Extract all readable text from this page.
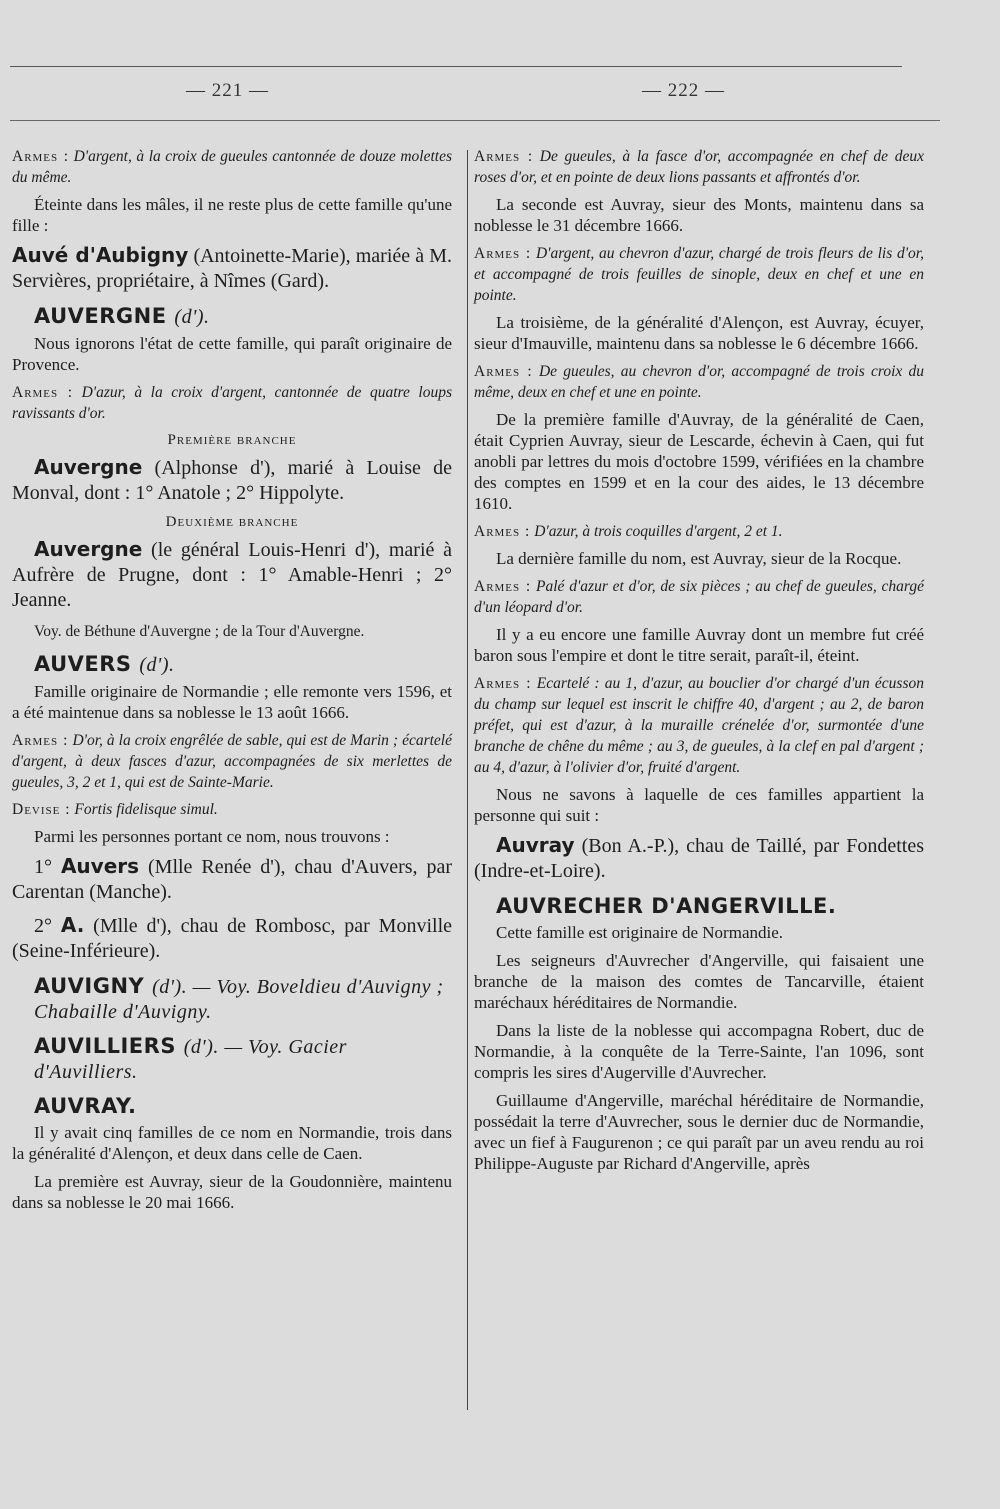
— 221 —	— 222 —

Armes : D'argent, à la croix de gueules cantonnée de douze molettes du même.

Éteinte dans les mâles, il ne reste plus de cette famille qu'une fille :

Auvé d'Aubigny (Antoinette-Marie), mariée à M. Servières, propriétaire, à Nîmes (Gard).

AUVERGNE (d').

Nous ignorons l'état de cette famille, qui paraît originaire de Provence.

Armes : D'azur, à la croix d'argent, cantonnée de quatre loups ravissants d'or.

Première branche

Auvergne (Alphonse d'), marié à Louise de Monval, dont : 1° Anatole ; 2° Hippolyte.

Deuxième branche

Auvergne (le général Louis-Henri d'), marié à Aufrère de Prugne, dont : 1° Amable-Henri ; 2° Jeanne.

Voy. de Béthune d'Auvergne ; de la Tour d'Auvergne.

AUVERS (d').

Famille originaire de Normandie ; elle remonte vers 1596, et a été maintenue dans sa noblesse le 13 août 1666.

Armes : D'or, à la croix engrêlée de sable, qui est de Marin ; écartelé d'argent, à deux fasces d'azur, accompagnées de six merlettes de gueules, 3, 2 et 1, qui est de Sainte-Marie.

Devise : Fortis fidelisque simul.

Parmi les personnes portant ce nom, nous trouvons :

1° Auvers (Mlle Renée d'), chau d'Auvers, par Carentan (Manche).

2° A. (Mlle d'), chau de Rombosc, par Monville (Seine-Inférieure).

AUVIGNY (d'). — Voy. Boveldieu d'Auvigny ; Chabaille d'Auvigny.
AUVILLIERS (d'). — Voy. Gacier d'Auvilliers.
AUVRAY.

Il y avait cinq familles de ce nom en Normandie, trois dans la généralité d'Alençon, et deux dans celle de Caen.

La première est Auvray, sieur de la Goudonnière, maintenu dans sa noblesse le 20 mai 1666.

Armes : De gueules, à la fasce d'or, accompagnée en chef de deux roses d'or, et en pointe de deux lions passants et affrontés d'or.

La seconde est Auvray, sieur des Monts, maintenu dans sa noblesse le 31 décembre 1666.

Armes : D'argent, au chevron d'azur, chargé de trois fleurs de lis d'or, et accompagné de trois feuilles de sinople, deux en chef et une en pointe.

La troisième, de la généralité d'Alençon, est Auvray, écuyer, sieur d'Imauville, maintenu dans sa noblesse le 6 décembre 1666.

Armes : De gueules, au chevron d'or, accompagné de trois croix du même, deux en chef et une en pointe.

De la première famille d'Auvray, de la généralité de Caen, était Cyprien Auvray, sieur de Lescarde, échevin à Caen, qui fut anobli par lettres du mois d'octobre 1599, vérifiées en la chambre des comptes en 1599 et en la cour des aides, le 13 décembre 1610.

Armes : D'azur, à trois coquilles d'argent, 2 et 1.

La dernière famille du nom, est Auvray, sieur de la Rocque.

Armes : Palé d'azur et d'or, de six pièces ; au chef de gueules, chargé d'un léopard d'or.

Il y a eu encore une famille Auvray dont un membre fut créé baron sous l'empire et dont le titre serait, paraît-il, éteint.

Armes : Ecartelé : au 1, d'azur, au bouclier d'or chargé d'un écusson du champ sur lequel est inscrit le chiffre 40, d'argent ; au 2, de baron préfet, qui est d'azur, à la muraille crénelée d'or, surmontée d'une branche de chêne du même ; au 3, de gueules, à la clef en pal d'argent ; au 4, d'azur, à l'olivier d'or, fruité d'argent.

Nous ne savons à laquelle de ces familles appartient la personne qui suit :

Auvray (Bon A.-P.), chau de Taillé, par Fondettes (Indre-et-Loire).

AUVRECHER D'ANGERVILLE.

Cette famille est originaire de Normandie.

Les seigneurs d'Auvrecher d'Angerville, qui faisaient une branche de la maison des comtes de Tancarville, étaient maréchaux héréditaires de Normandie.

Dans la liste de la noblesse qui accompagna Robert, duc de Normandie, à la conquête de la Terre-Sainte, l'an 1096, sont compris les sires d'Augerville d'Auvrecher.

Guillaume d'Angerville, maréchal héréditaire de Normandie, possédait la terre d'Auvrecher, sous le dernier duc de Normandie, avec un fief à Faugurenon ; ce qui paraît par un aveu rendu au roi Philippe-Auguste par Richard d'Angerville, après
